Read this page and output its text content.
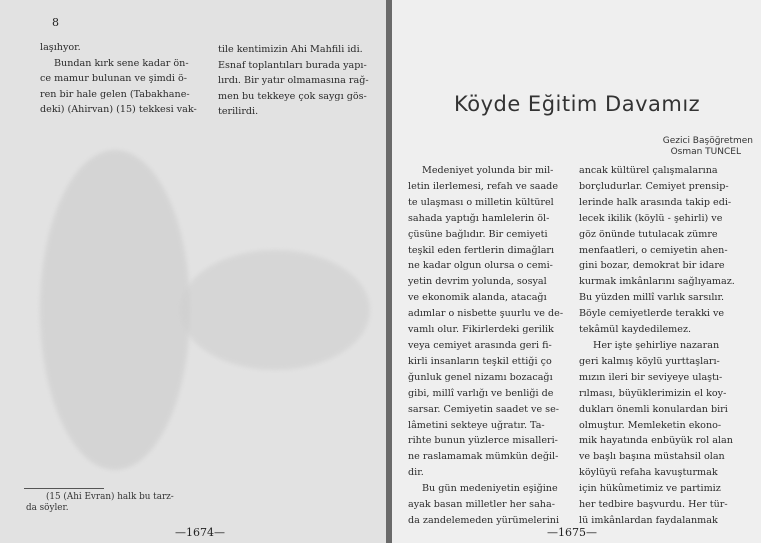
8

laşıhyor.

Bundan kırk sene kadar ön-

ce mamur bulunan ve şimdi ö-

ren bir hale gelen (Tabakhane-

deki) (Ahirvan) (15) tekkesi vak-

tile kentimizin Ahi Mahfili idi.

Esnaf toplantıları burada yapı-

lırdı. Bir yatır olmamasına rağ-

men bu tekkeye çok saygı gös-

terilirdi.

(15 (Ahi Evran) halk bu tarz-
da söyler.
—1674—
Köyde Eğitim Davamız
Gezici Başöğretmen
Osman TUNCEL

Medeniyet yolunda bir mil-

letin ilerlemesi, refah ve saade

te ulaşması o milletin kültürel

sahada yaptığı hamlelerin öl-

çüsüne bağlıdır. Bir cemiyeti

teşkil eden fertlerin dimağları

ne kadar olgun olursa o cemi-

yetin devrim yolunda, sosyal

ve ekonomik alanda, atacağı

adımlar o nisbette şuurlu ve de-

vamlı olur. Fikirlerdeki gerilik

veya cemiyet arasında geri fi-

kirli insanların teşkil ettiği ço

ğunluk genel nizamı bozacağı

gibi, millî varlığı ve benliği de

sarsar. Cemiyetin saadet ve se-

lâmetini sekteye uğratır. Ta-

rihte bunun yüzlerce misalleri-

ne raslamamak mümkün değil-

dir.

Bu gün medeniyetin eşiğine

ayak basan milletler her saha-

da zandelemeden yürümelerini

ancak kültürel çalışmalarına

borçludurlar. Cemiyet prensip-

lerinde halk arasında takip edi-

lecek ikilik (köylü - şehirli) ve

göz önünde tutulacak zümre

menfaatleri, o cemiyetin ahen-

gini bozar, demokrat bir idare

kurmak imkânlarını sağlıyamaz.

Bu yüzden millî varlık sarsılır.

Böyle cemiyetlerde terakki ve

tekâmül kaydedilemez.

Her işte şehirliye nazaran

geri kalmış köylü yurttaşları-

mızın ileri bir seviyeye ulaştı-

rılması, büyüklerimizin el koy-

dukları önemli konulardan biri

olmuştur. Memleketin ekono-

mik hayatında enbüyük rol alan

ve başlı başına müstahsil olan

köylüyü refaha kavuşturmak

için hükûmetimiz ve partimiz

her tedbire başvurdu. Her tür-

lü imkânlardan faydalanmak

—1675—
